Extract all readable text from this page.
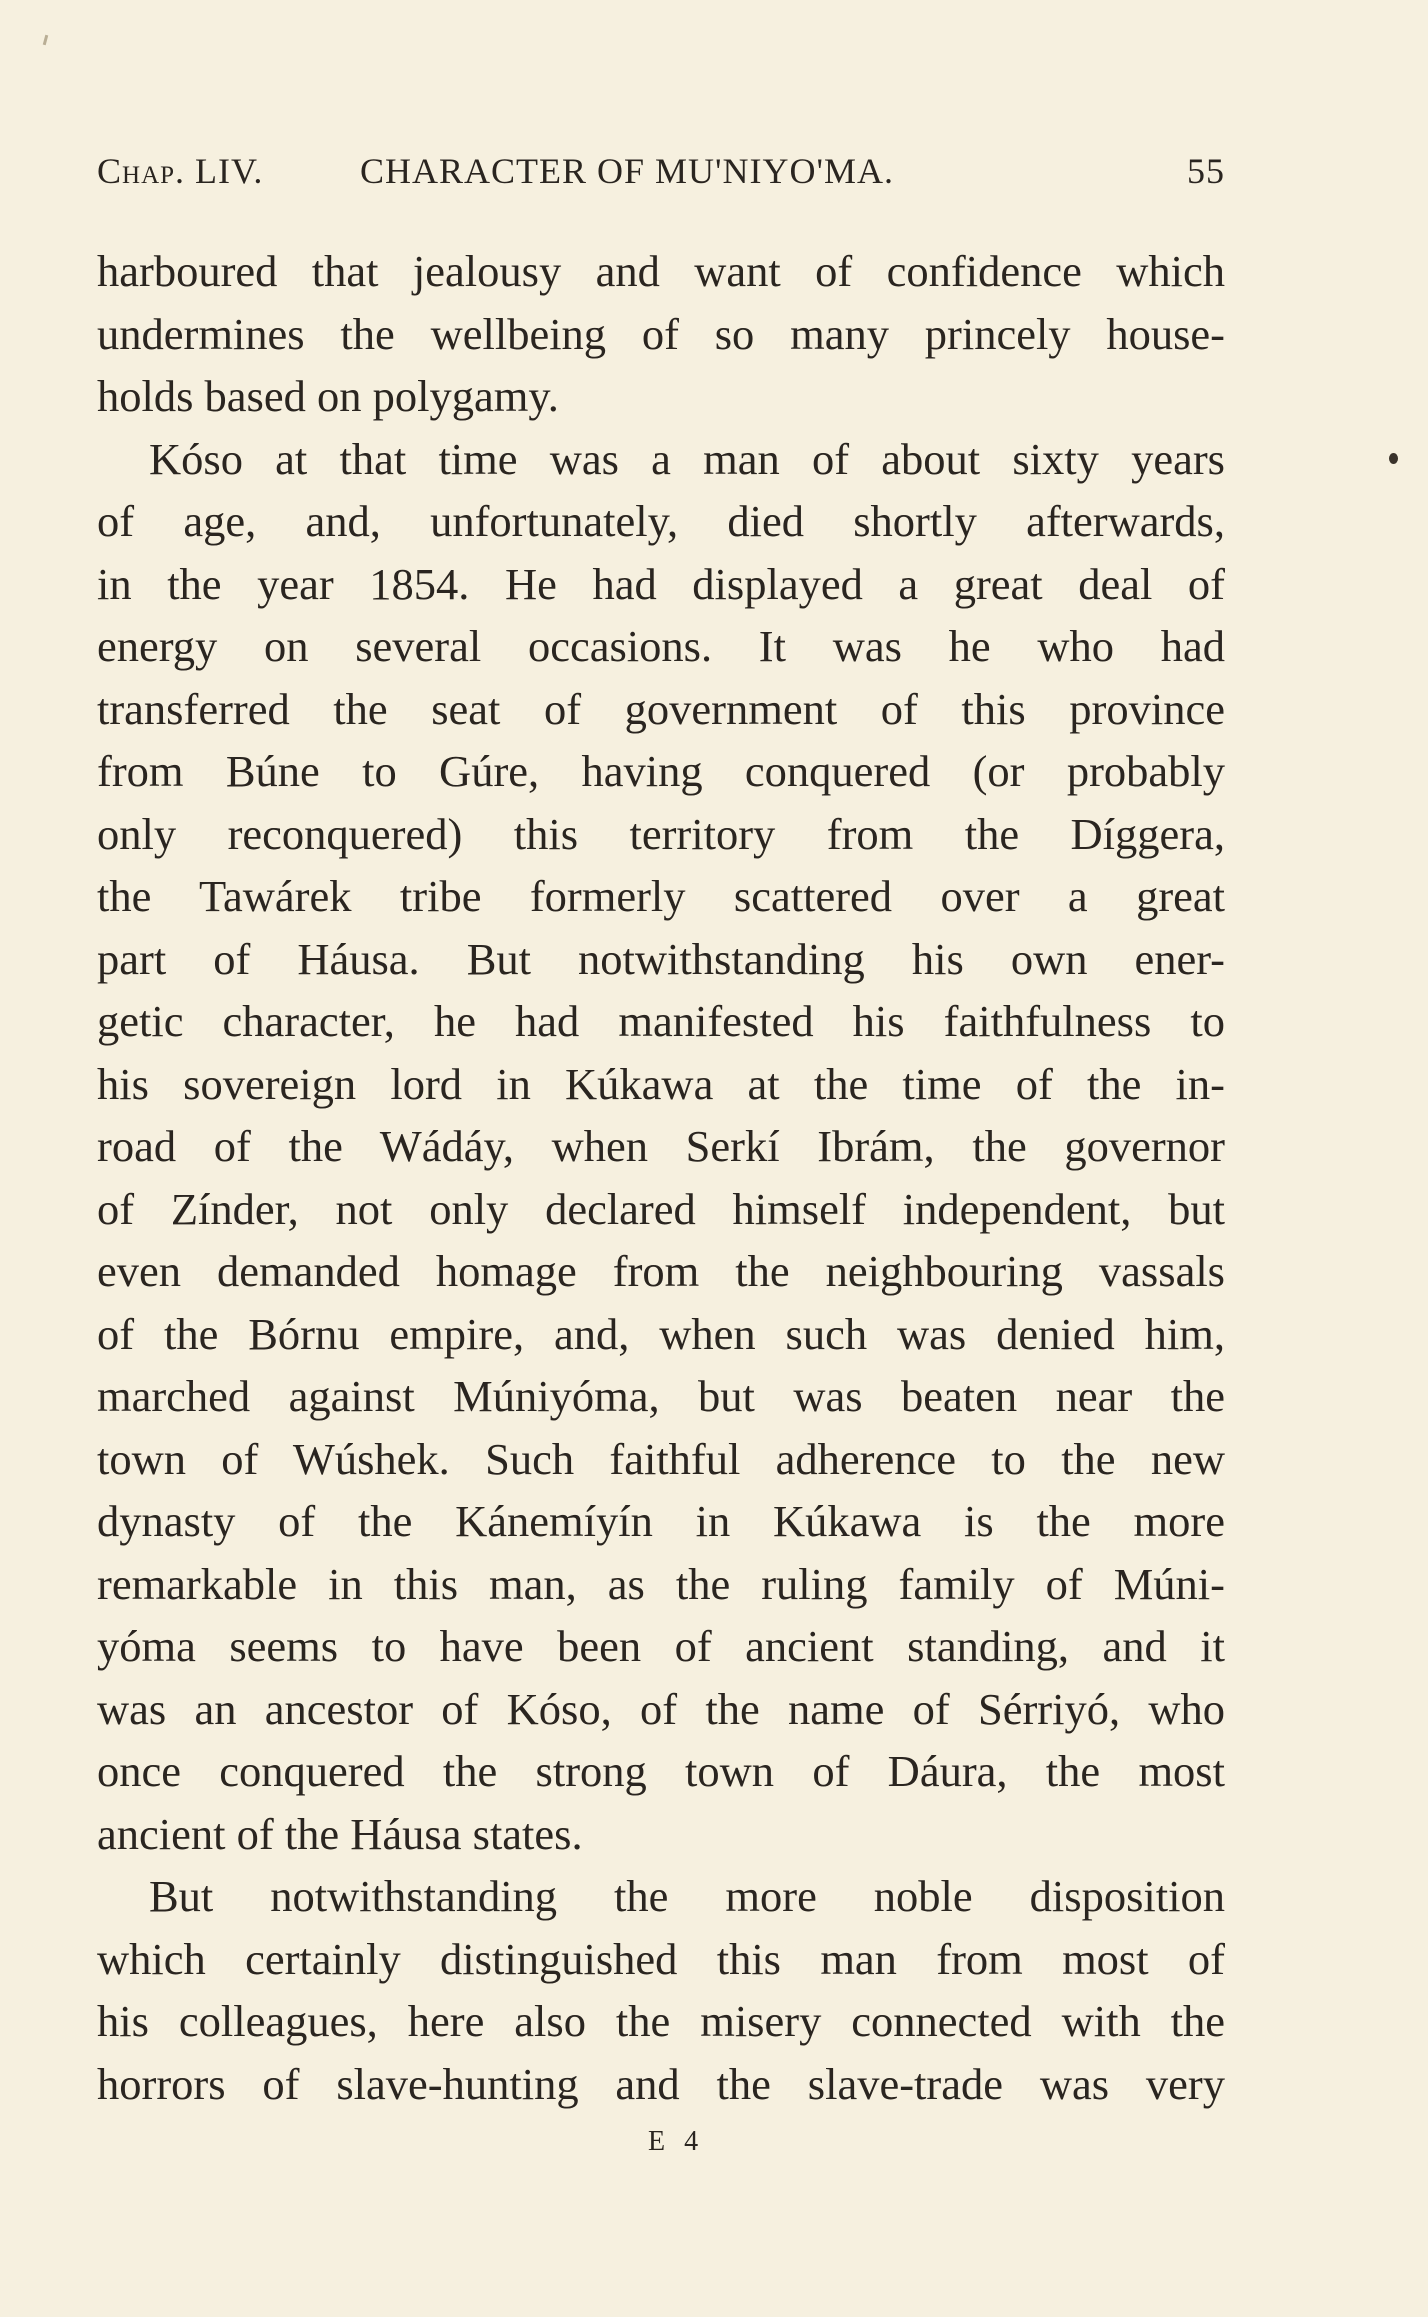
Chap. LIV.	CHARACTER OF MU'NIYO'MA.	55
harboured that jealousy and want of confidence which
undermines the wellbeing of so many princely house-
holds based on polygamy.
Kóso at that time was a man of about sixty years
of age, and, unfortunately, died shortly afterwards,
in the year 1854. He had displayed a great deal of
energy on several occasions. It was he who had
transferred the seat of government of this province
from Búne to Gúre, having conquered (or probably
only reconquered) this territory from the Díggera,
the Tawárek tribe formerly scattered over a great
part of Háusa. But notwithstanding his own ener-
getic character, he had manifested his faithfulness to
his sovereign lord in Kúkawa at the time of the in-
road of the Wádáy, when Serkí Ibrám, the governor
of Zínder, not only declared himself independent, but
even demanded homage from the neighbouring vassals
of the Bórnu empire, and, when such was denied him,
marched against Múniyóma, but was beaten near the
town of Wúshek. Such faithful adherence to the new
dynasty of the Kánemíyín in Kúkawa is the more
remarkable in this man, as the ruling family of Múni-
yóma seems to have been of ancient standing, and it
was an ancestor of Kóso, of the name of Sérriyó, who
once conquered the strong town of Dáura, the most
ancient of the Háusa states.
But notwithstanding the more noble disposition
which certainly distinguished this man from most of
his colleagues, here also the misery connected with the
horrors of slave-hunting and the slave-trade was very
E 4
